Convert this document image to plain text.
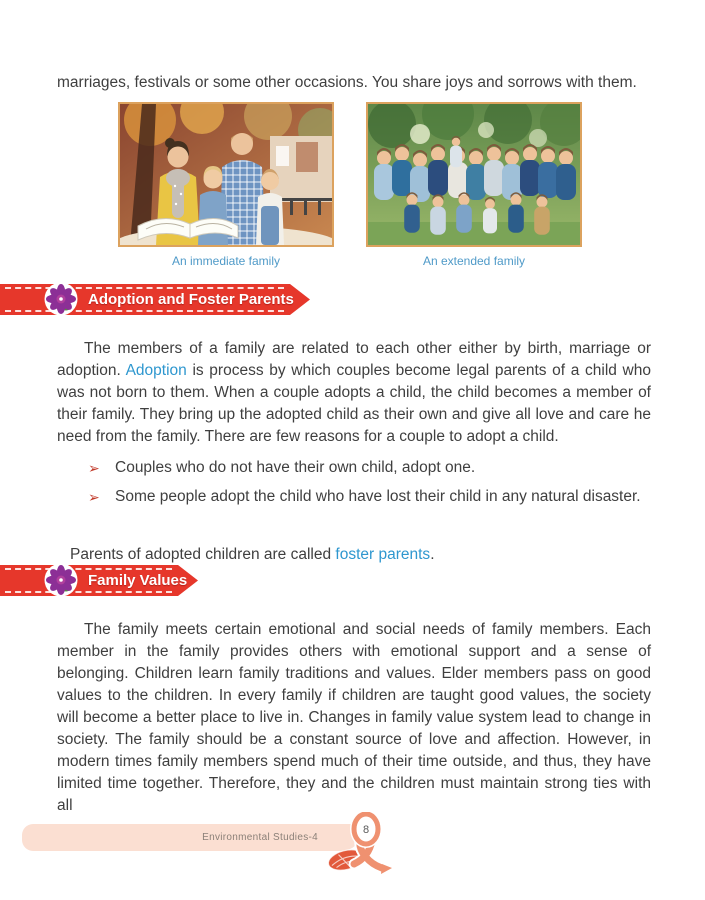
marriages, festivals or some other occasions. You share joys and sorrows with them.

An immediate family	An extended family
Adoption and Foster Parents

The members of a family are related to each other either by birth, marriage or adoption. Adoption is process by which couples become legal parents of a child who was not born to them. When a couple adopts a child, the child becomes a member of their family. They bring up the adopted child as their own and give all love and care he need from the family. There are few reasons for a couple to adopt a child.

➢ Couples who do not have their own child, adopt one.
➢ Some people adopt the child who have lost their child in any natural disaster.

Parents of adopted children are called foster parents.

Family Values

The family meets certain emotional and social needs of family members. Each member in the family provides others with emotional support and a sense of belonging. Children learn family traditions and values. Elder members pass on good values to the children. In every family if children are taught good values, the society will become a better place to live in. Changes in family value system lead to change in society. The family should be a constant source of love and affection. However, in modern times family members spend much of their time outside, and thus, they have limited time together. Therefore, they and the children must maintain strong ties with all

Environmental Studies-4
8
